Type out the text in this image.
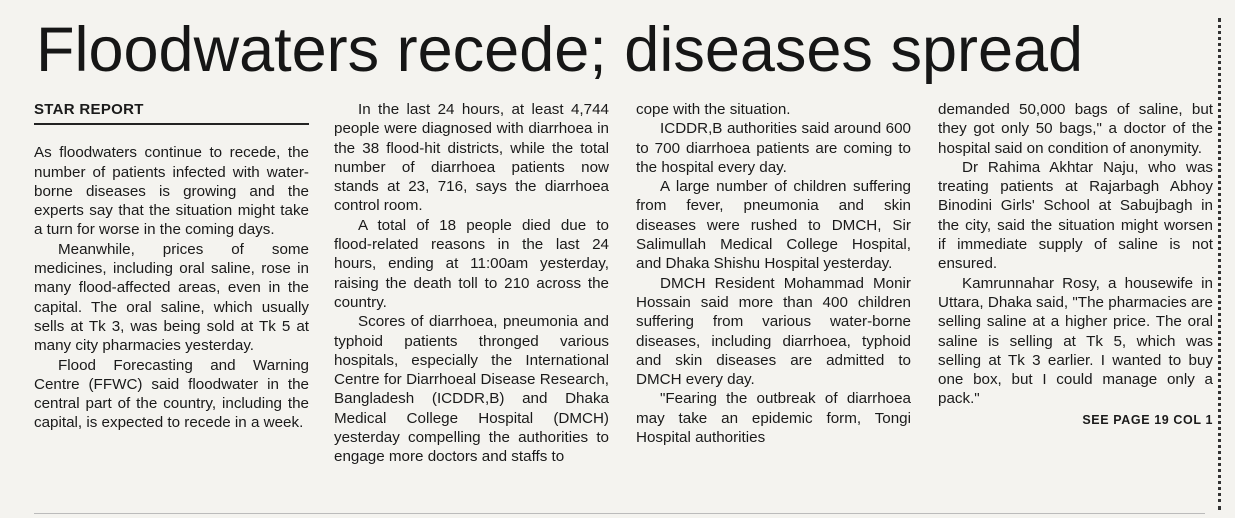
Floodwaters recede; diseases spread
STAR REPORT

As floodwaters continue to recede, the number of patients infected with water-borne diseases is growing and the experts say that the situation might take a turn for worse in the coming days.

Meanwhile, prices of some medicines, including oral saline, rose in many flood-affected areas, even in the capital. The oral saline, which usually sells at Tk 3, was being sold at Tk 5 at many city pharmacies yesterday.

Flood Forecasting and Warning Centre (FFWC) said floodwater in the central part of the country, including the capital, is expected to recede in a week.

In the last 24 hours, at least 4,744 people were diagnosed with diarrhoea in the 38 flood-hit districts, while the total number of diarrhoea patients now stands at 23, 716, says the diarrhoea control room.

A total of 18 people died due to flood-related reasons in the last 24 hours, ending at 11:00am yesterday, raising the death toll to 210 across the country.

Scores of diarrhoea, pneumonia and typhoid patients thronged various hospitals, especially the International Centre for Diarrhoeal Disease Research, Bangladesh (ICDDR,B) and Dhaka Medical College Hospital (DMCH) yesterday compelling the authorities to engage more doctors and staffs to

cope with the situation.

ICDDR,B authorities said around 600 to 700 diarrhoea patients are coming to the hospital every day.

A large number of children suffering from fever, pneumonia and skin diseases were rushed to DMCH, Sir Salimullah Medical College Hospital, and Dhaka Shishu Hospital yesterday.

DMCH Resident Mohammad Monir Hossain said more than 400 children suffering from various water-borne diseases, including diarrhoea, typhoid and skin diseases are admitted to DMCH every day.

"Fearing the outbreak of diarrhoea may take an epidemic form, Tongi Hospital authorities

demanded 50,000 bags of saline, but they got only 50 bags," a doctor of the hospital said on condition of anonymity.

Dr Rahima Akhtar Naju, who was treating patients at Rajarbagh Abhoy Binodini Girls' School at Sabujbagh in the city, said the situation might worsen if immediate supply of saline is not ensured.

Kamrunnahar Rosy, a housewife in Uttara, Dhaka said, "The pharmacies are selling saline at a higher price. The oral saline is selling at Tk 5, which was selling at Tk 3 earlier. I wanted to buy one box, but I could manage only a pack."

SEE PAGE 19 COL 1
